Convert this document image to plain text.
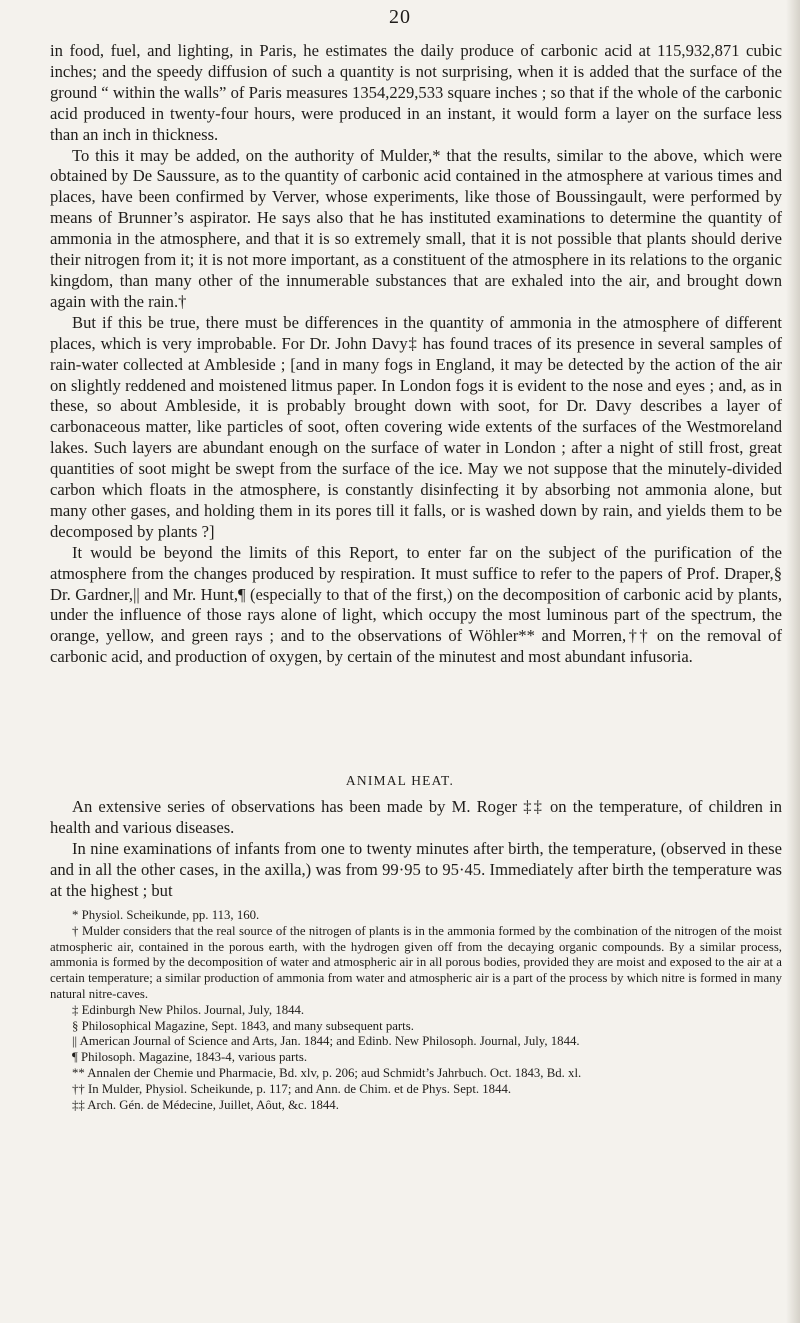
20

in food, fuel, and lighting, in Paris, he estimates the daily produce of carbonic acid at 115,932,871 cubic inches; and the speedy diffusion of such a quantity is not surprising, when it is added that the surface of the ground “ within the walls” of Paris measures 1354,229,533 square inches ; so that if the whole of the carbonic acid produced in twenty-four hours, were produced in an instant, it would form a layer on the surface less than an inch in thickness.

To this it may be added, on the authority of Mulder,* that the results, similar to the above, which were obtained by De Saussure, as to the quantity of carbonic acid contained in the atmosphere at various times and places, have been confirmed by Verver, whose experiments, like those of Boussingault, were performed by means of Brunner’s aspirator. He says also that he has instituted examinations to determine the quantity of ammonia in the atmosphere, and that it is so extremely small, that it is not possible that plants should derive their nitrogen from it; it is not more important, as a constituent of the atmosphere in its relations to the organic kingdom, than many other of the innumerable substances that are exhaled into the air, and brought down again with the rain.†

But if this be true, there must be differences in the quantity of ammonia in the atmosphere of different places, which is very improbable. For Dr. John Davy‡ has found traces of its presence in several samples of rain-water collected at Ambleside ; [and in many fogs in England, it may be detected by the action of the air on slightly reddened and moistened litmus paper. In London fogs it is evident to the nose and eyes ; and, as in these, so about Ambleside, it is probably brought down with soot, for Dr. Davy describes a layer of carbonaceous matter, like particles of soot, often covering wide extents of the surfaces of the Westmoreland lakes. Such layers are abundant enough on the surface of water in London ; after a night of still frost, great quantities of soot might be swept from the surface of the ice. May we not suppose that the minutely-divided carbon which floats in the atmosphere, is constantly disinfecting it by absorbing not ammonia alone, but many other gases, and holding them in its pores till it falls, or is washed down by rain, and yields them to be decomposed by plants ?]

It would be beyond the limits of this Report, to enter far on the subject of the purification of the atmosphere from the changes produced by respiration. It must suffice to refer to the papers of Prof. Draper,§ Dr. Gardner,|| and Mr. Hunt,¶ (especially to that of the first,) on the decomposition of carbonic acid by plants, under the influence of those rays alone of light, which occupy the most luminous part of the spectrum, the orange, yellow, and green rays ; and to the observations of Wöhler** and Morren,†† on the removal of carbonic acid, and production of oxygen, by certain of the minutest and most abundant infusoria.

ANIMAL HEAT.

An extensive series of observations has been made by M. Roger ‡‡ on the temperature, of children in health and various diseases.

In nine examinations of infants from one to twenty minutes after birth, the temperature, (observed in these and in all the other cases, in the axilla,) was from 99·95 to 95·45. Immediately after birth the temperature was at the highest ; but

* Physiol. Scheikunde, pp. 113, 160.

† Mulder considers that the real source of the nitrogen of plants is in the ammonia formed by the combination of the nitrogen of the moist atmospheric air, contained in the porous earth, with the hydrogen given off from the decaying organic compounds. By a similar process, ammonia is formed by the decomposition of water and atmospheric air in all porous bodies, provided they are moist and exposed to the air at a certain temperature; a similar production of ammonia from water and atmospheric air is a part of the process by which nitre is formed in many natural nitre-caves.

‡ Edinburgh New Philos. Journal, July, 1844.

§ Philosophical Magazine, Sept. 1843, and many subsequent parts.

|| American Journal of Science and Arts, Jan. 1844; and Edinb. New Philosoph. Journal, July, 1844.

¶ Philosoph. Magazine, 1843-4, various parts.

** Annalen der Chemie und Pharmacie, Bd. xlv, p. 206; aud Schmidt’s Jahrbuch. Oct. 1843, Bd. xl.

†† In Mulder, Physiol. Scheikunde, p. 117; and Ann. de Chim. et de Phys. Sept. 1844.

‡‡ Arch. Gén. de Médecine, Juillet, Aôut, &c. 1844.
